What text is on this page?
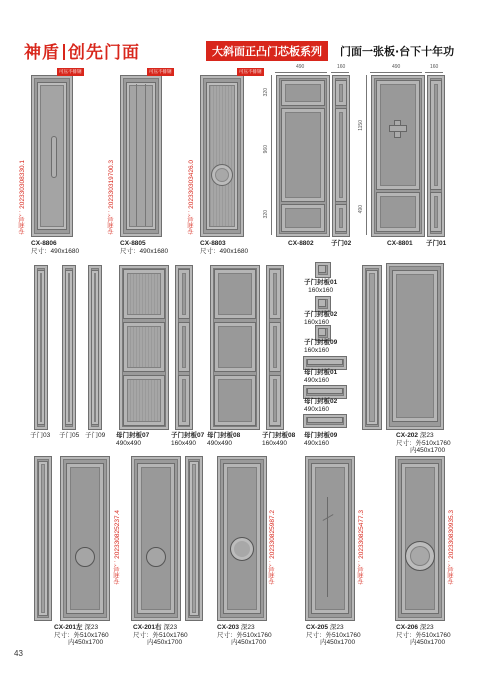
神盾 创先门面	大斜面正凸门芯板系列	门面一张板·台下十年功
可压不排钢
专利号：202330308330.1
CX-8806
尺寸：490x1680
可压不排钢
专利号：202330319700.3
CX-8805
尺寸：490x1680
可压不排钢
专利号：202330303426.0
CX-8803
尺寸：490x1680
490	160
320
960
320
CX-8802	子门02
490	160
1150
490
CX-8801 子门01
子门03 子门05 子门09 母门封板07
490x490
子门封板07
160x490
母门封板08
490x490
子门封板08
160x490
子门封板01
160x160
子门封板02
160x160
子门封板09
160x160
母门封板01
490x160
母门封板02
490x160
母门封板09
490x160
CX-202 深23
尺寸：外510x1760
内450x1700
专利号：202330825237.4
CX-201左 深23
尺寸：外510x1760
内450x1700
CX-201右 深23
尺寸：外510x1760
内450x1700
专利号：202330825987.2
CX-203 深23
尺寸：外510x1760
内450x1700
专利号：202330825477.3
CX-205 深23
尺寸：外510x1760
内450x1700
专利号：202330830935.3
CX-206 深23
尺寸：外510x1760
内450x1700
43
